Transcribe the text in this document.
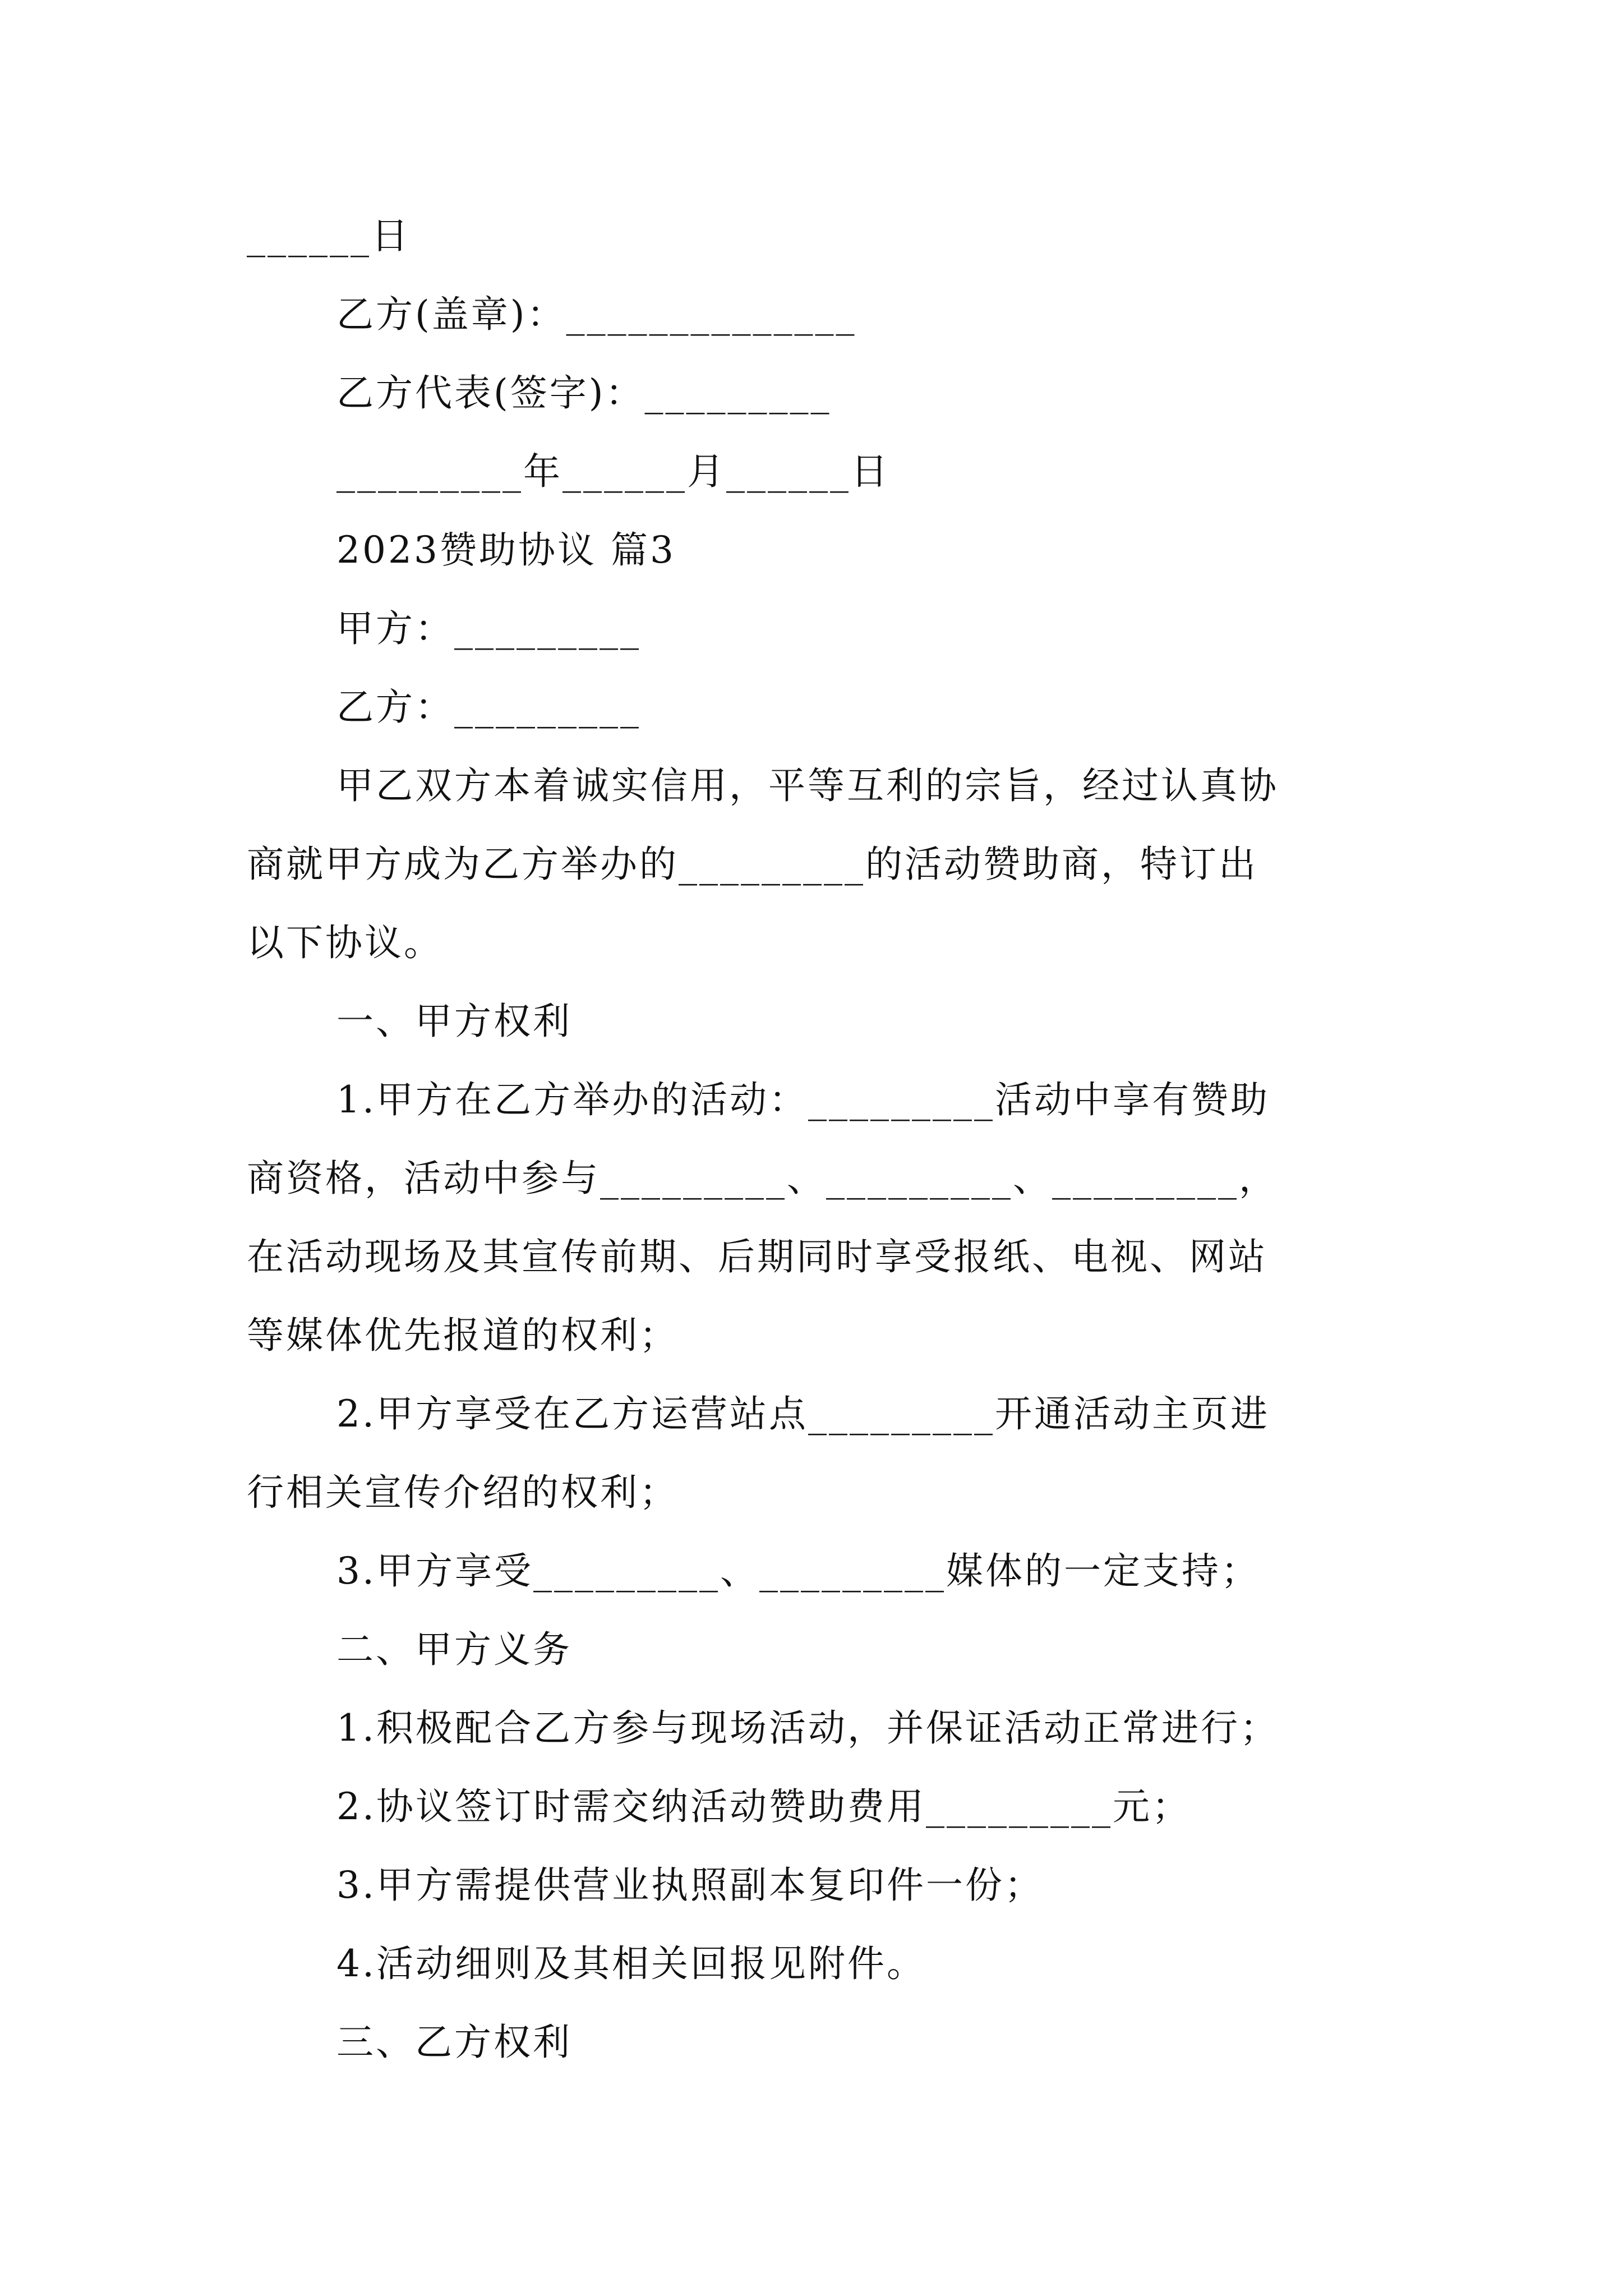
______日
乙方(盖章)：______________
乙方代表(签字)：_________
_________年______月______日
2023赞助协议 篇3
甲方：_________
乙方：_________
甲乙双方本着诚实信用，平等互利的宗旨，经过认真协
商就甲方成为乙方举办的_________的活动赞助商，特订出
以下协议。
一、甲方权利
1.甲方在乙方举办的活动：_________活动中享有赞助
商资格，活动中参与_________、_________、_________，
在活动现场及其宣传前期、后期同时享受报纸、电视、网站
等媒体优先报道的权利；
2.甲方享受在乙方运营站点_________开通活动主页进
行相关宣传介绍的权利；
3.甲方享受_________、_________媒体的一定支持；
二、甲方义务
1.积极配合乙方参与现场活动，并保证活动正常进行；
2.协议签订时需交纳活动赞助费用_________元；
3.甲方需提供营业执照副本复印件一份；
4.活动细则及其相关回报见附件。
三、乙方权利
